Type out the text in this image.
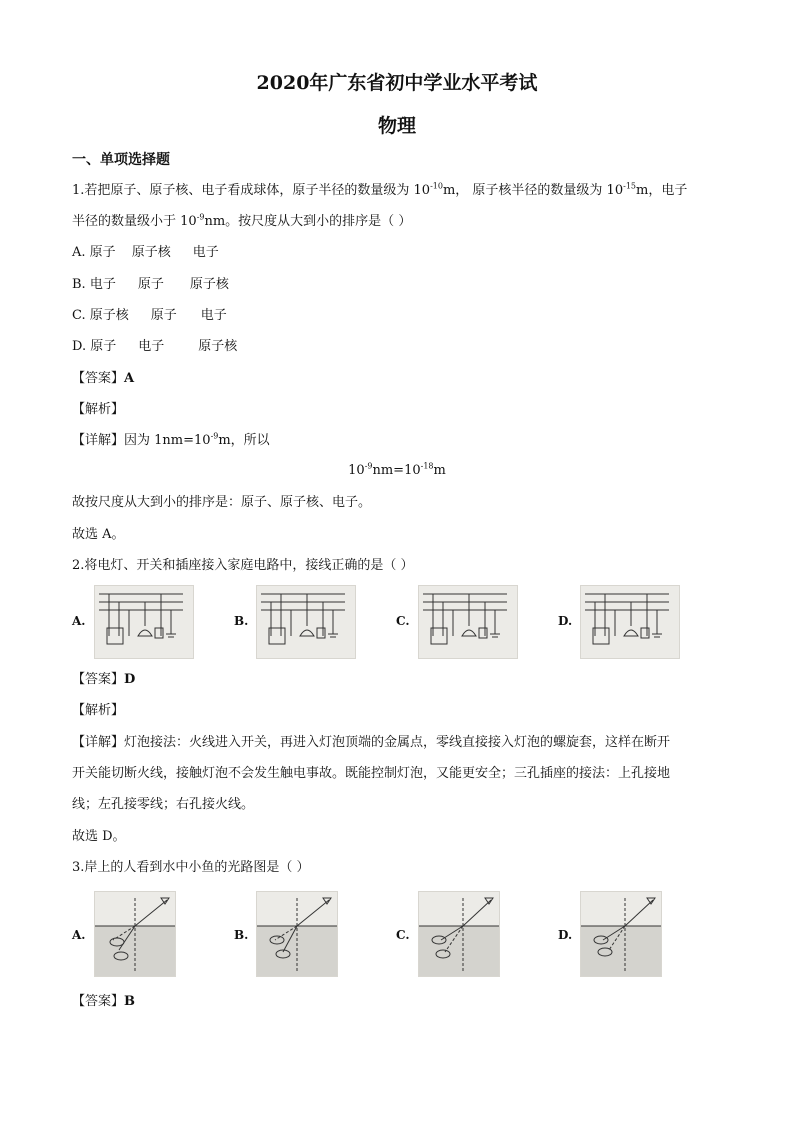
2020年广东省初中学业水平考试
物理
一、单项选择题
1.若把原子、原子核、电子看成球体，原子半径的数量级为 $10^{-10}m$， 原子核半径的数量级为 $10^{-15}m$，电子
半径的数量级小于 $10^{-9}nm$。按尺度从大到小的排序是（ ）
A. 原子 原子核 电子
B. 电子 原子 原子核
C. 原子核 原子 电子
D. 原子 电子	原子核
【答案】A
【解析】
【详解】因为 $1nm=10^{-9}m$，所以
$10^{-9}nm=10^{-18}m$
故按尺度从大到小的排序是：原子、原子核、电子。
故选 A。
2.将电灯、开关和插座接入家庭电路中，接线正确的是（ ）
A.	B.	C.	D.
【答案】D
【解析】
【详解】灯泡接法：火线进入开关，再进入灯泡顶端的金属点，零线直接接入灯泡的螺旋套，这样在断开
开关能切断火线，接触灯泡不会发生触电事故。既能控制灯泡，又能更安全；三孔插座的接法：上孔接地
线；左孔接零线；右孔接火线。
故选 D。
3.岸上的人看到水中小鱼的光路图是（ ）
A.	B.	C.	D.
【答案】B
